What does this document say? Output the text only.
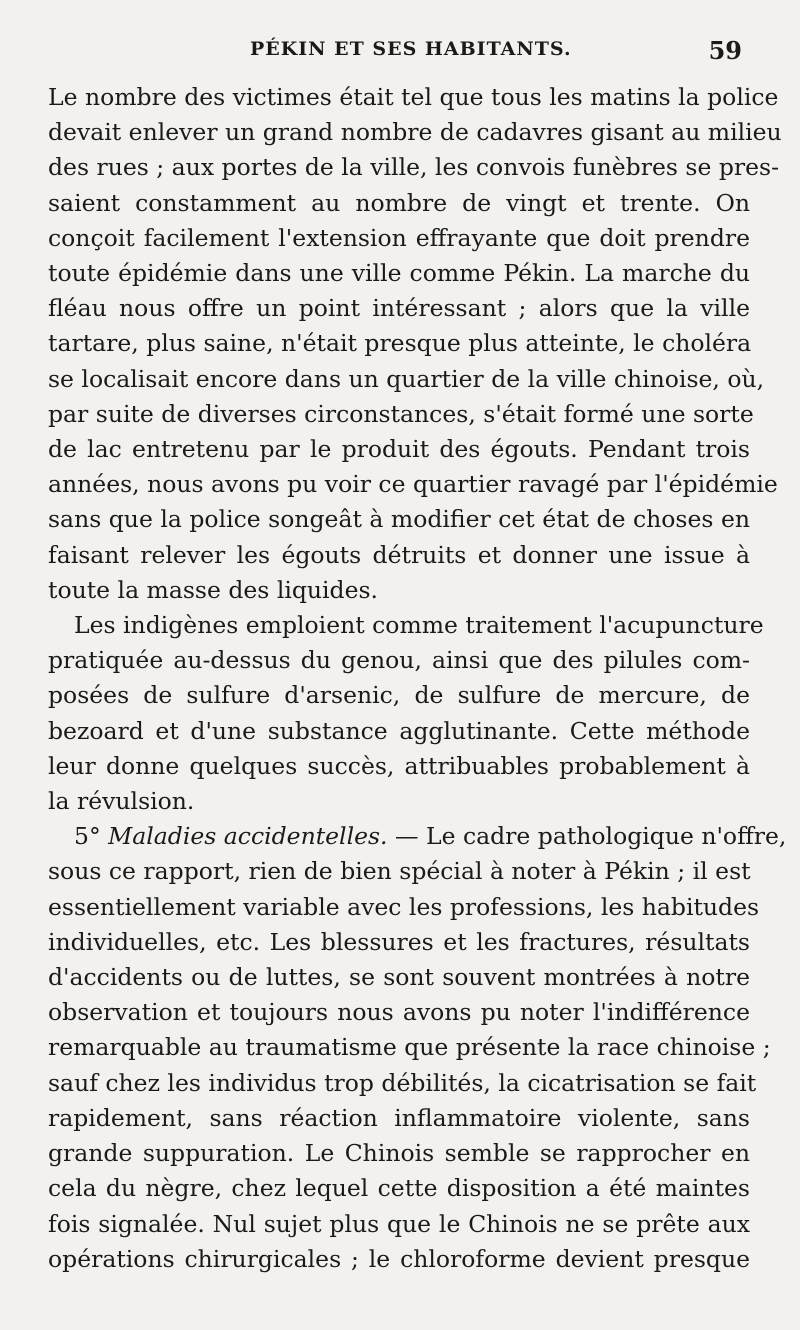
PÉKIN ET SES HABITANTS.	59
Le nombre des victimes était tel que tous les matins la police
devait enlever un grand nombre de cadavres gisant au milieu
des rues ; aux portes de la ville, les convois funèbres se pres-
saient constamment au nombre de vingt et trente. On
conçoit facilement l'extension effrayante que doit prendre
toute épidémie dans une ville comme Pékin. La marche du
fléau nous offre un point intéressant ; alors que la ville
tartare, plus saine, n'était presque plus atteinte, le choléra
se localisait encore dans un quartier de la ville chinoise, où,
par suite de diverses circonstances, s'était formé une sorte
de lac entretenu par le produit des égouts. Pendant trois
années, nous avons pu voir ce quartier ravagé par l'épidémie
sans que la police songeât à modifier cet état de choses en
faisant relever les égouts détruits et donner une issue à
toute la masse des liquides.
Les indigènes emploient comme traitement l'acupuncture
pratiquée au-dessus du genou, ainsi que des pilules com-
posées de sulfure d'arsenic, de sulfure de mercure, de
bezoard et d'une substance agglutinante. Cette méthode
leur donne quelques succès, attribuables probablement à
la révulsion.
5° Maladies accidentelles. — Le cadre pathologique n'offre,
sous ce rapport, rien de bien spécial à noter à Pékin ; il est
essentiellement variable avec les professions, les habitudes
individuelles, etc. Les blessures et les fractures, résultats
d'accidents ou de luttes, se sont souvent montrées à notre
observation et toujours nous avons pu noter l'indifférence
remarquable au traumatisme que présente la race chinoise ;
sauf chez les individus trop débilités, la cicatrisation se fait
rapidement, sans réaction inflammatoire violente, sans
grande suppuration. Le Chinois semble se rapprocher en
cela du nègre, chez lequel cette disposition a été maintes
fois signalée. Nul sujet plus que le Chinois ne se prête aux
opérations chirurgicales ; le chloroforme devient presque
